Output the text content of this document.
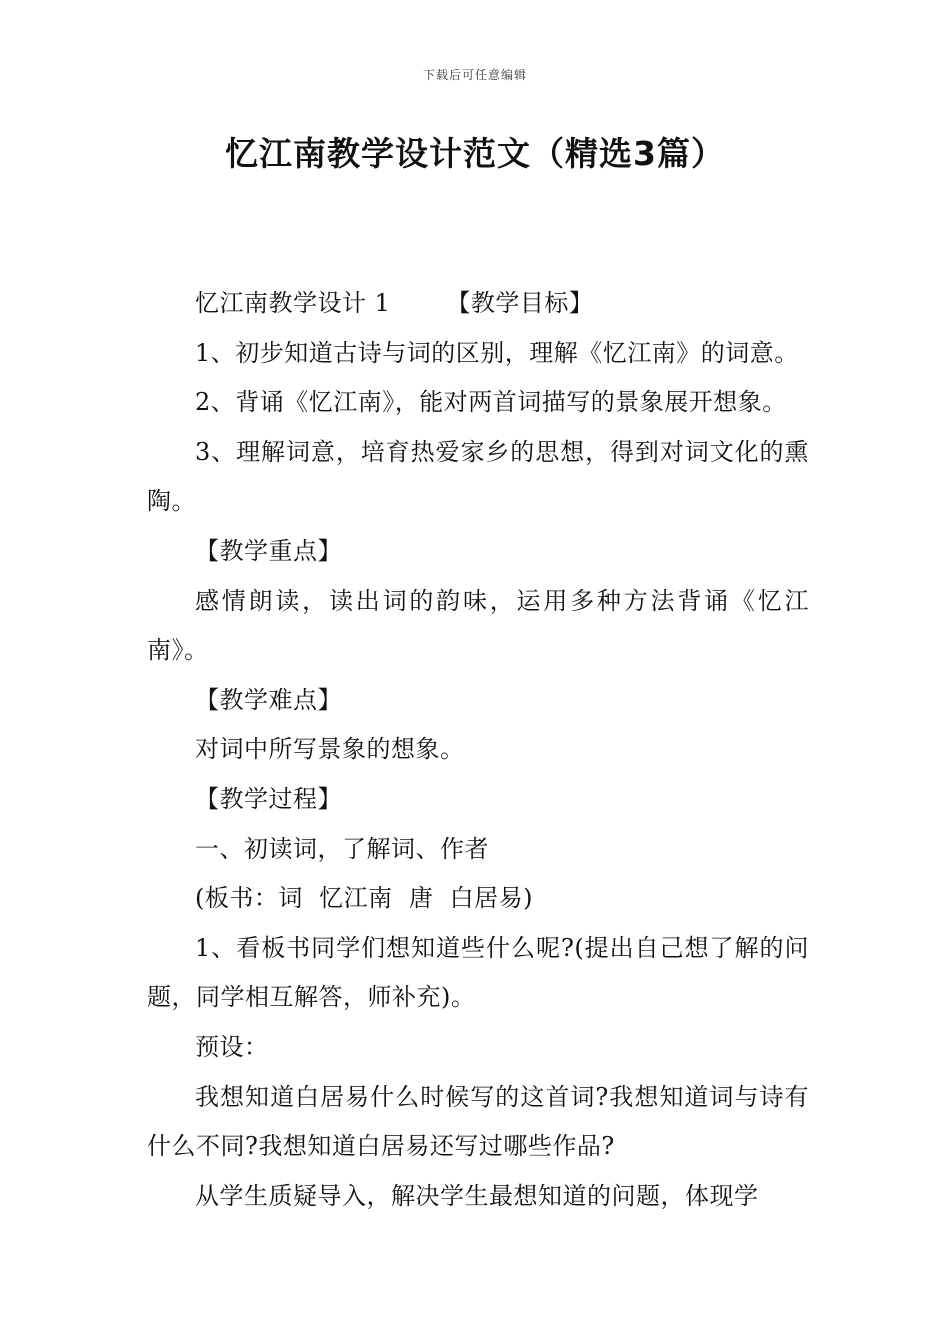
下载后可任意编辑
忆江南教学设计范文（精选3篇）

忆江南教学设计 1 【教学目标】

1、初步知道古诗与词的区别，理解《忆江南》的词意。

2、背诵《忆江南》，能对两首词描写的景象展开想象。

3、理解词意，培育热爱家乡的思想，得到对词文化的熏陶。

【教学重点】

感情朗读，读出词的韵味，运用多种方法背诵《忆江南》。

【教学难点】

对词中所写景象的想象。

【教学过程】

一、初读词，了解词、作者

(板书：词  忆江南  唐  白居易)

1、看板书同学们想知道些什么呢?(提出自己想了解的问题，同学相互解答，师补充)。

预设：

我想知道白居易什么时候写的这首词?我想知道词与诗有什么不同?我想知道白居易还写过哪些作品?

从学生质疑导入，解决学生最想知道的问题，体现学
